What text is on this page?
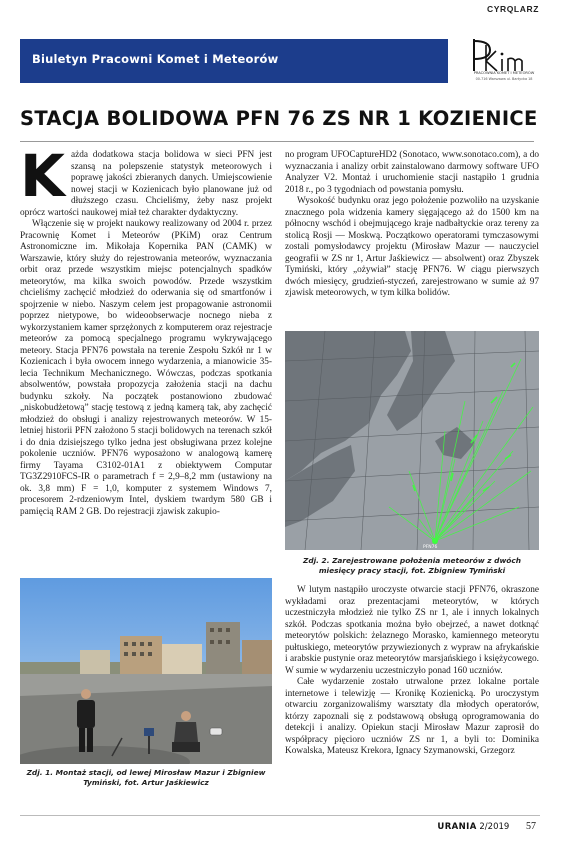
CYRQLARZ
Biuletyn Pracowni Komet i Meteorów
PRACOWNIA KOMET I METEORÓW
00-716 Warszawa ul. Bartycka 18
STACJA BOLIDOWA PFN 76 ZS NR 1 KOZIENICE
K ażda dodatkowa stacja bolidowa w sieci PFN jest szansą na polepszenie statystyk meteorowych i poprawę jakości zbieranych danych. Umiejscowienie nowej stacji w Kozienicach było planowane już od dłuższego czasu. Chcieliśmy, żeby nasz projekt oprócz wartości naukowej miał też charakter dydaktyczny.

Włączenie się w projekt naukowy realizowany od 2004 r. przez Pracownię Komet i Meteorów (PKiM) oraz Centrum Astronomiczne im. Mikołaja Kopernika PAN (CAMK) w Warszawie, który służy do rejestrowania meteorów, wyznaczania orbit oraz przede wszystkim miejsc potencjalnych spadków meteorytów, ma kilka swoich powodów. Przede wszystkim chcieliśmy zachęcić młodzież do oderwania się od smartfonów i spojrzenie w niebo. Naszym celem jest propagowanie astronomii poprzez nietypowe, bo wideoobserwacje nocnego nieba z wykorzystaniem kamer sprzężonych z komputerem oraz rejestracje meteorów za pomocą specjalnego programu wykrywającego meteory. Stacja PFN76 powstała na terenie Zespołu Szkół nr 1 w Kozienicach i była owocem innego wydarzenia, a mianowicie 35-lecia Technikum Mechanicznego. Wówczas, podczas spotkania absolwentów, powstała propozycja założenia stacji na dachu budynku szkoły. Na początek postanowiono zbudować „niskobudżetową” stację testową z jedną kamerą tak, aby zachęcić młodzież do obsługi i analizy rejestrowanych meteorów. W 15-letniej historii PFN założono 5 stacji bolidowych na terenach szkół i do dnia dzisiejszego tylko jedna jest obsługiwana przez kolejne pokolenie uczniów. PFN76 wyposażono w analogową kamerę firmy Tayama C3102-01A1 z obiektywem Computar TG3Z2910FCS-IR o parametrach f = 2,9–8,2 mm (ustawiony na ok. 3,8 mm) F = 1,0, komputer z systemem Windows 7, procesorem 2-rdzeniowym Intel, dyskiem twardym 580 GB i pamięcią RAM 2 GB. Do rejestracji zjawisk zakupio-

Zdj. 1. Montaż stacji, od lewej Mirosław Mazur i Zbigniew Tymiński, fot. Artur Jaśkiewicz

no program UFOCaptureHD2 (Sonotaco, www.sonotaco.com), a do wyznaczania i analizy orbit zainstalowano darmowy software UFO Analyzer V2. Montaż i uruchomienie stacji nastąpiło 1 grudnia 2018 r., po 3 tygodniach od powstania pomysłu.

Wysokość budynku oraz jego położenie pozwoliło na uzyskanie znacznego pola widzenia kamery sięgającego aż do 1500 km na północny wschód i obejmującego kraje nadbałtyckie oraz tereny za stolicą Rosji — Moskwą. Początkowo operatorami tymczasowymi zostali pomysłodawcy projektu (Mirosław Mazur — nauczyciel geografii w ZS nr 1, Artur Jaśkiewicz — absolwent) oraz Zbyszek Tymiński, który „ożywiał” stację PFN76. W ciągu pierwszych dwóch miesięcy, grudzień-styczeń, zarejestrowano w sumie aż 97 zjawisk meteorowych, w tym kilka bolidów.

PFN76
Zdj. 2. Zarejestrowane położenia meteorów z dwóch miesięcy pracy stacji, fot. Zbigniew Tymiński

W lutym nastąpiło uroczyste otwarcie stacji PFN76, okraszone wykładami oraz prezentacjami meteorytów, w których uczestniczyła młodzież nie tylko ZS nr 1, ale i innych lokalnych szkół. Podczas spotkania można było obejrzeć, a nawet dotknąć meteorytów polskich: żelaznego Morasko, kamiennego meteorytu pułtuskiego, meteorytów przywiezionych z wypraw na afrykańskie i arabskie pustynie oraz meteorytów marsjańskiego i księżycowego. W sumie w wydarzeniu uczestniczyło ponad 160 uczniów.

Całe wydarzenie zostało utrwalone przez lokalne portale internetowe i telewizję — Kronikę Kozienicką. Po uroczystym otwarciu zorganizowaliśmy warsztaty dla młodych operatorów, którzy zapoznali się z podstawową obsługą oprogramowania do detekcji i analizy. Opiekun stacji Mirosław Mazur zaprosił do współpracy pięcioro uczniów ZS nr 1, a byli to: Dominika Kowalska, Mateusz Krekora, Ignacy Szymanowski, Grzegorz

URANIA 2/2019 57
